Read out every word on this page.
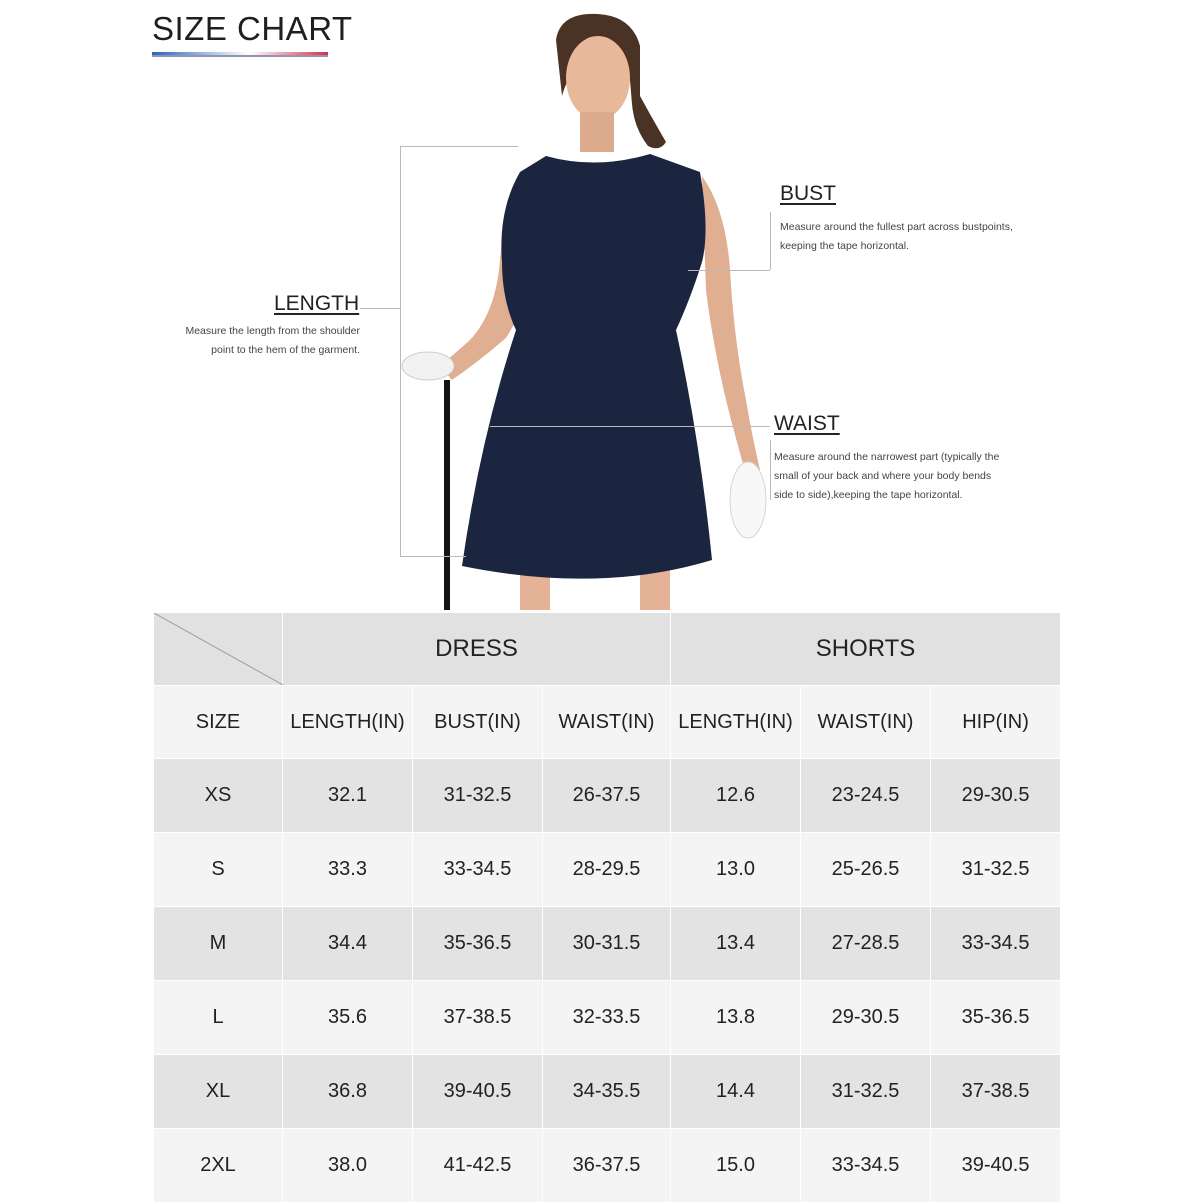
SIZE CHART
BUST
Measure around the fullest part across bustpoints,
keeping the tape horizontal.
LENGTH
Measure the length from the shoulder
point to the hem of the garment.
WAIST
Measure around the narrowest part (typically the
small of your back and where your body bends
side to side),keeping the tape horizontal.
	DRESS			SHORTS		
SIZE	LENGTH(IN)	BUST(IN)	WAIST(IN)	LENGTH(IN)	WAIST(IN)	HIP(IN)
XS	32.1	31-32.5	26-37.5	12.6	23-24.5	29-30.5
S	33.3	33-34.5	28-29.5	13.0	25-26.5	31-32.5
M	34.4	35-36.5	30-31.5	13.4	27-28.5	33-34.5
L	35.6	37-38.5	32-33.5	13.8	29-30.5	35-36.5
XL	36.8	39-40.5	34-35.5	14.4	31-32.5	37-38.5
2XL	38.0	41-42.5	36-37.5	15.0	33-34.5	39-40.5
